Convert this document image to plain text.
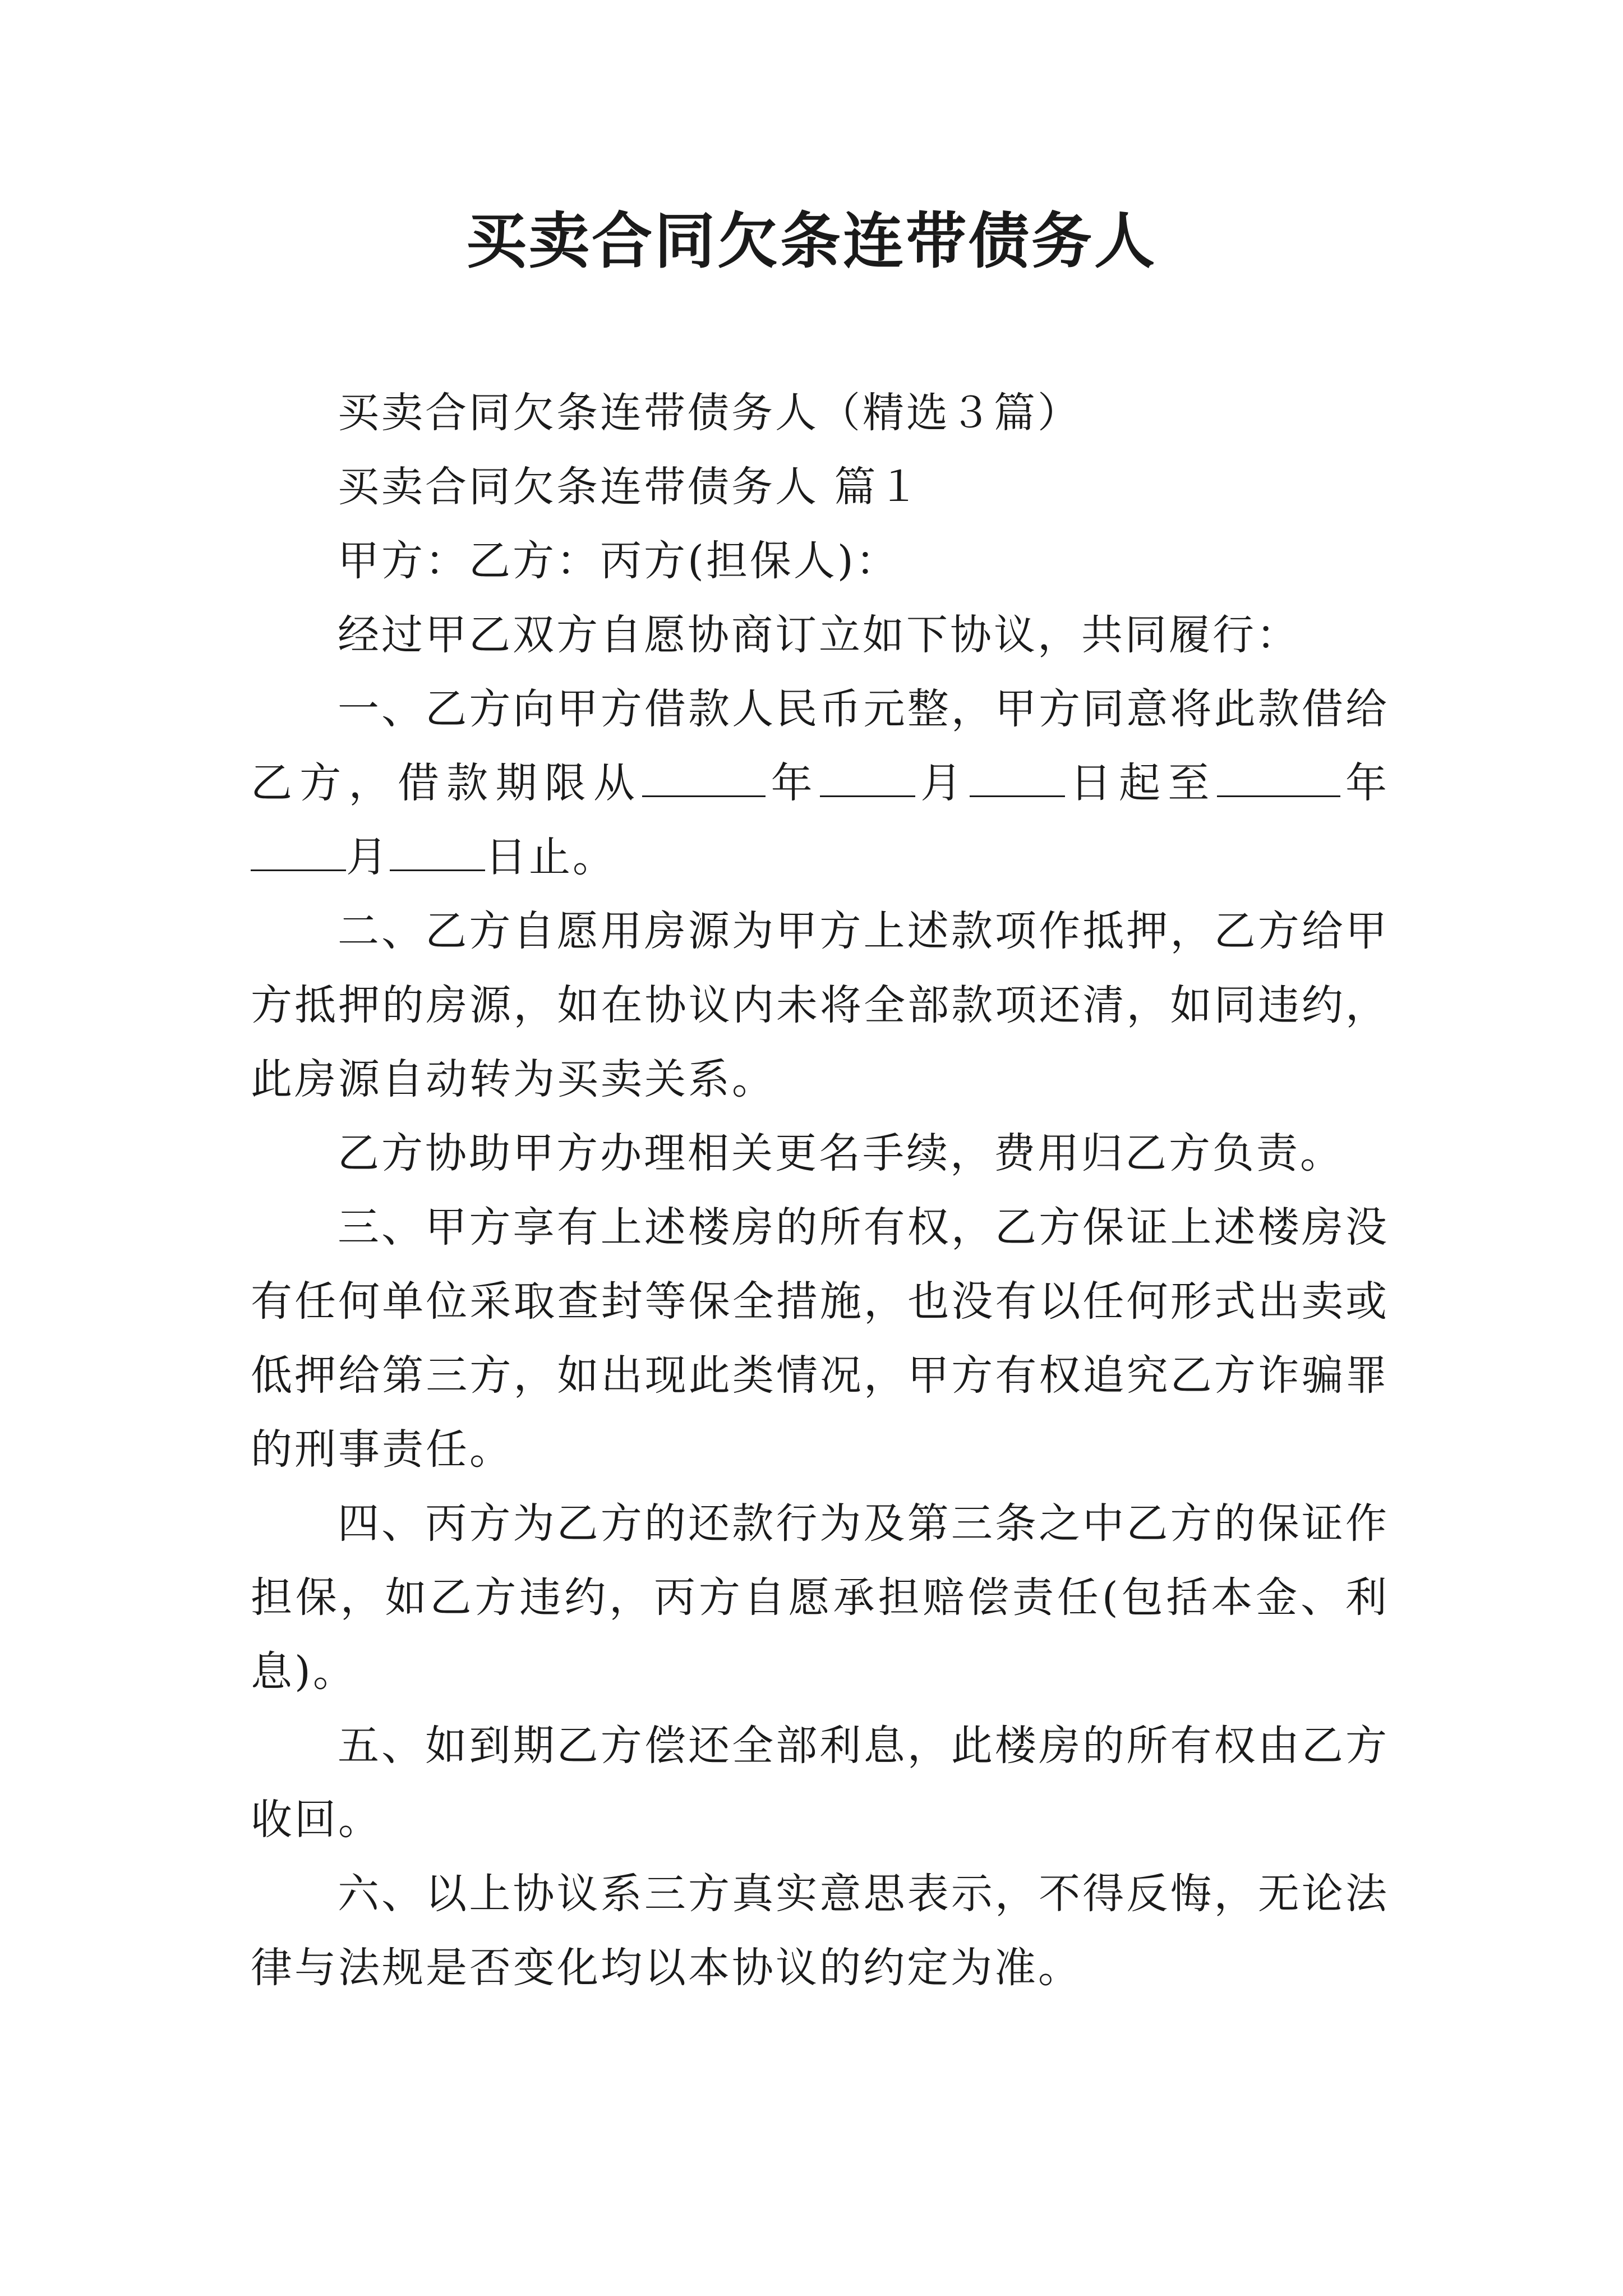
买卖合同欠条连带债务人

买卖合同欠条连带债务人（精选３篇）

买卖合同欠条连带债务人 篇１

甲方：乙方：丙方(担保人)：

经过甲乙双方自愿协商订立如下协议，共同履行：

一、乙方向甲方借款人民币元整，甲方同意将此款借给乙方，借款期限从	年 月 日起至	年月 日止。

二、乙方自愿用房源为甲方上述款项作抵押，乙方给甲方抵押的房源，如在协议内未将全部款项还清，如同违约，此房源自动转为买卖关系。

乙方协助甲方办理相关更名手续，费用归乙方负责。

三、甲方享有上述楼房的所有权，乙方保证上述楼房没有任何单位采取查封等保全措施，也没有以任何形式出卖或低押给第三方，如出现此类情况，甲方有权追究乙方诈骗罪的刑事责任。

四、丙方为乙方的还款行为及第三条之中乙方的保证作担保，如乙方违约，丙方自愿承担赔偿责任(包括本金、利息)。

五、如到期乙方偿还全部利息，此楼房的所有权由乙方收回。

六、以上协议系三方真实意思表示，不得反悔，无论法律与法规是否变化均以本协议的约定为准。
